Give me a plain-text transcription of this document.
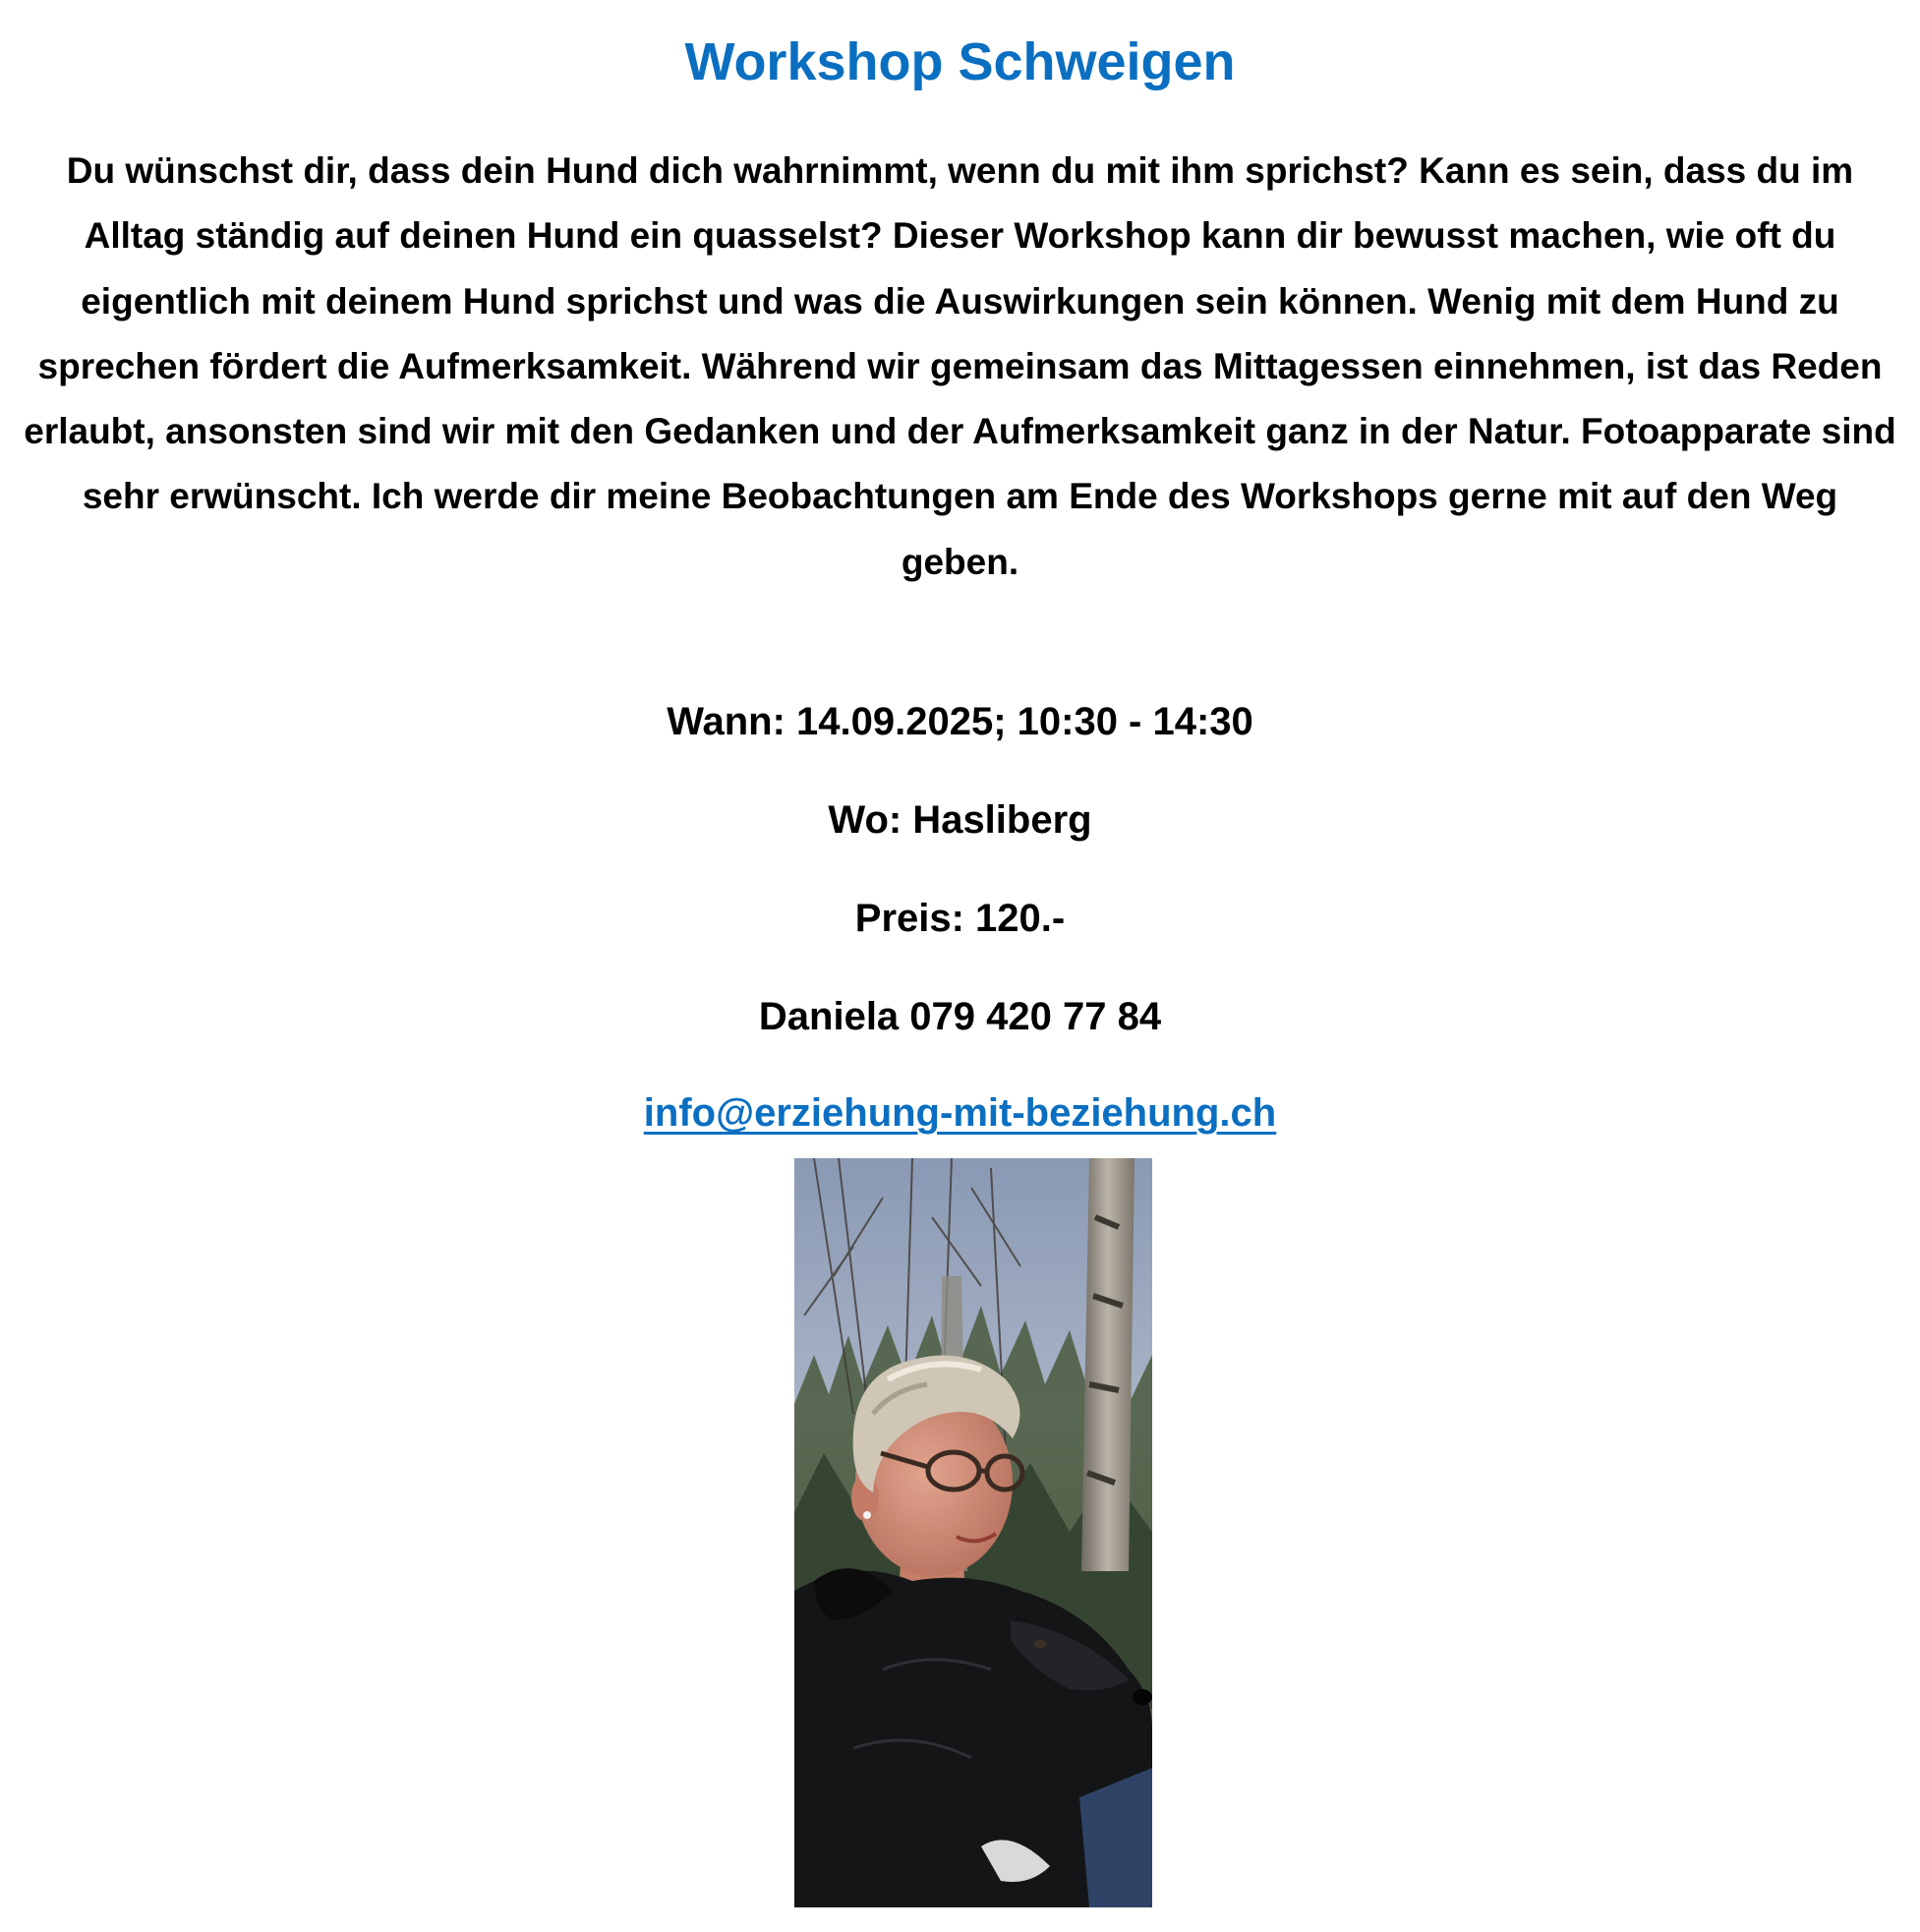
Workshop Schweigen

Du wünschst dir, dass dein Hund dich wahrnimmt, wenn du mit ihm sprichst? Kann es sein, dass du im Alltag ständig auf deinen Hund ein quasselst? Dieser Workshop kann dir bewusst machen, wie oft du eigentlich mit deinem Hund sprichst und was die Auswirkungen sein können. Wenig mit dem Hund zu sprechen fördert die Aufmerksamkeit. Während wir gemeinsam das Mittagessen einnehmen, ist das Reden erlaubt, ansonsten sind wir mit den Gedanken und der Aufmerksamkeit ganz in der Natur. Fotoapparate sind sehr erwünscht. Ich werde dir meine Beobachtungen am Ende des Workshops gerne mit auf den Weg geben.

Wann: 14.09.2025; 10:30 - 14:30

Wo: Hasliberg

Preis: 120.-

Daniela 079 420 77 84

info@erziehung-mit-beziehung.ch
